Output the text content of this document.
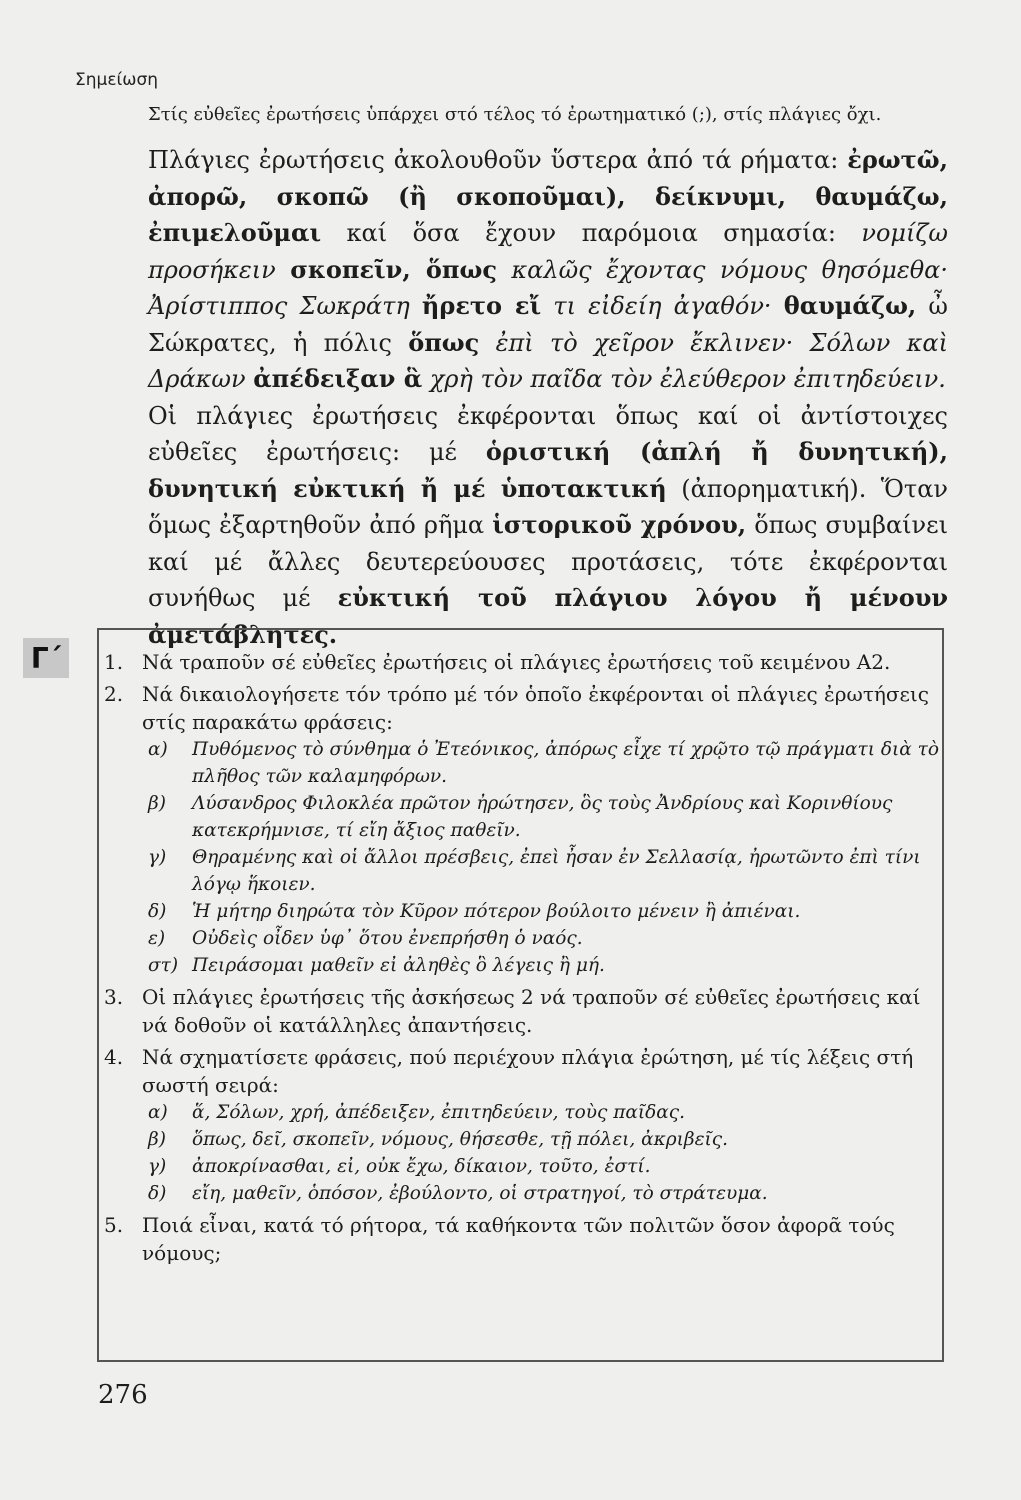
Σημείωση
Στίς εὐθεῖες ἐρωτήσεις ὑπάρχει στό τέλος τό ἐρωτηματικό (;), στίς πλάγιες ὄχι.

Πλάγιες ἐρωτήσεις ἀκολουθοῦν ὕστερα ἀπό τά ρήματα: ἐρωτῶ, ἀπορῶ, σκοπῶ (ἢ σκοποῦμαι), δείκνυμι, θαυμάζω, ἐπιμελοῦμαι καί ὅσα ἔχουν παρόμοια σημασία: νομίζω προσήκειν σκοπεῖν, ὅπως καλῶς ἔχοντας νόμους θησόμεθα· Ἀρίστιππος Σωκράτη ἤρετο εἴ τι εἰδείη ἀγαθόν· θαυμάζω, ὦ Σώκρατες, ἡ πόλις ὅπως ἐπὶ τὸ χεῖρον ἔκλινεν· Σόλων καὶ Δράκων ἀπέδειξαν ἃ χρὴ τὸν παῖδα τὸν ἐλεύθερον ἐπιτηδεύειν.

Οἱ πλάγιες ἐρωτήσεις ἐκφέρονται ὅπως καί οἱ ἀντίστοιχες εὐθεῖες ἐρωτήσεις: μέ ὁριστική (ἁπλή ἤ δυνητική), δυνητική εὐκτική ἤ μέ ὑποτακτική (ἀπορηματική). Ὅταν ὅμως ἐξαρτηθοῦν ἀπό ρῆμα ἱστορικοῦ χρόνου, ὅπως συμβαίνει καί μέ ἄλλες δευτερεύουσες προτάσεις, τότε ἐκφέρονται συνήθως μέ εὐκτική τοῦ πλάγιου λόγου ἤ μένουν ἀμετάβλητες.

Γ΄	1. Νά τραποῦν σέ εὐθεῖες ἐρωτήσεις οἱ πλάγιες ἐρωτήσεις τοῦ κειμένου Α2.
2. Νά δικαιολογήσετε τόν τρόπο μέ τόν ὁποῖο ἐκφέρονται οἱ πλάγιες ἐρωτήσεις στίς παρακάτω φράσεις:
α) Πυθόμενος τὸ σύνθημα ὁ Ἐτεόνικος, ἀπόρως εἶχε τί χρῷτο τῷ πράγματι διὰ τὸ πλῆθος τῶν καλαμηφόρων.
β) Λύσανδρος Φιλοκλέα πρῶτον ἠρώτησεν, ὃς τοὺς Ἀνδρίους καὶ Κορινθίους κατεκρήμνισε, τί εἴη ἄξιος παθεῖν.
γ) Θηραμένης καὶ οἱ ἄλλοι πρέσβεις, ἐπεὶ ἦσαν ἐν Σελλασίᾳ, ἠρωτῶντο ἐπὶ τίνι λόγῳ ἥκοιεν.
δ) Ἡ μήτηρ διηρώτα τὸν Κῦρον πότερον βούλοιτο μένειν ἢ ἀπιέναι.
ε) Οὐδεὶς οἶδεν ὑφ᾽ ὅτου ἐνεπρήσθη ὁ ναός.
στ) Πειράσομαι μαθεῖν εἰ ἀληθὲς ὃ λέγεις ἢ μή.
3. Οἱ πλάγιες ἐρωτήσεις τῆς ἀσκήσεως 2 νά τραποῦν σέ εὐθεῖες ἐρωτήσεις καί νά δοθοῦν οἱ κατάλληλες ἀπαντήσεις.
4. Νά σχηματίσετε φράσεις, πού περιέχουν πλάγια ἐρώτηση, μέ τίς λέξεις στή σωστή σειρά:
α) ἅ, Σόλων, χρή, ἀπέδειξεν, ἐπιτηδεύειν, τοὺς παῖδας.
β) ὅπως, δεῖ, σκοπεῖν, νόμους, θήσεσθε, τῇ πόλει, ἀκριβεῖς.
γ) ἀποκρίνασθαι, εἰ, οὐκ ἔχω, δίκαιον, τοῦτο, ἐστί.
δ) εἴη, μαθεῖν, ὁπόσον, ἐβούλοντο, οἱ στρατηγοί, τὸ στράτευμα.
5. Ποιά εἶναι, κατά τό ρήτορα, τά καθήκοντα τῶν πολιτῶν ὅσον ἀφορᾶ τούς νόμους;
276
